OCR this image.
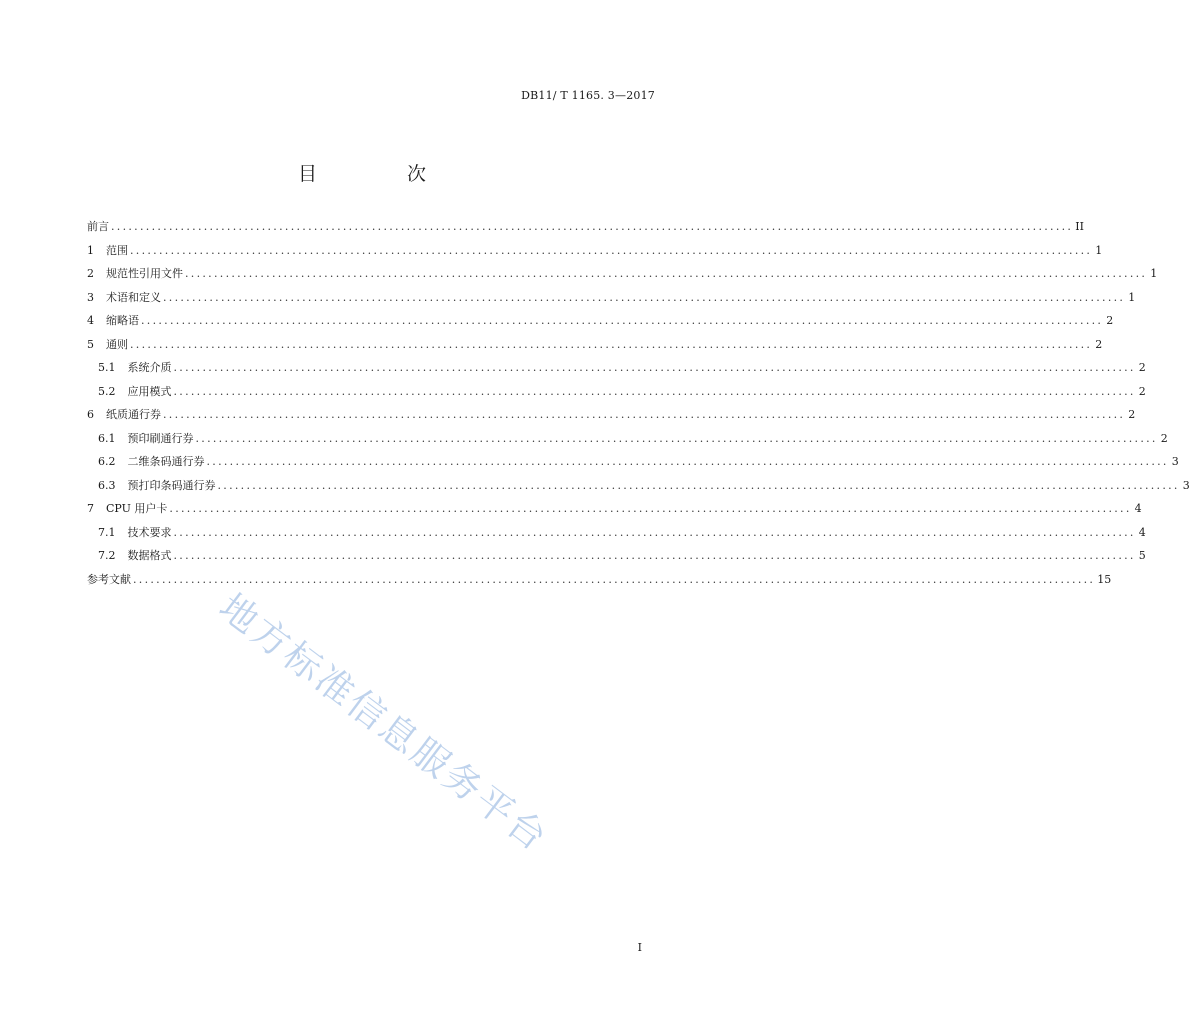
DB11/ T 1165. 3—2017
目 次
前言 ...................................................................................................................................................................... II
1 范围 ...................................................................................................................................................................... 1
2 规范性引用文件 ...................................................................................................................................................................... 1
3 术语和定义 ...................................................................................................................................................................... 1
4 缩略语 ...................................................................................................................................................................... 2
5 通则 ...................................................................................................................................................................... 2
5.1 系统介质 ...................................................................................................................................................................... 2
5.2 应用模式 ...................................................................................................................................................................... 2
6 纸质通行券 ...................................................................................................................................................................... 2
6.1 预印刷通行券 ...................................................................................................................................................................... 2
6.2 二维条码通行券 ...................................................................................................................................................................... 3
6.3 预打印条码通行券 ...................................................................................................................................................................... 3
7 CPU 用户卡 ...................................................................................................................................................................... 4
7.1 技术要求 ...................................................................................................................................................................... 4
7.2 数据格式 ...................................................................................................................................................................... 5
参考文献 ...................................................................................................................................................................... 15
地方标准信息服务平台
I
